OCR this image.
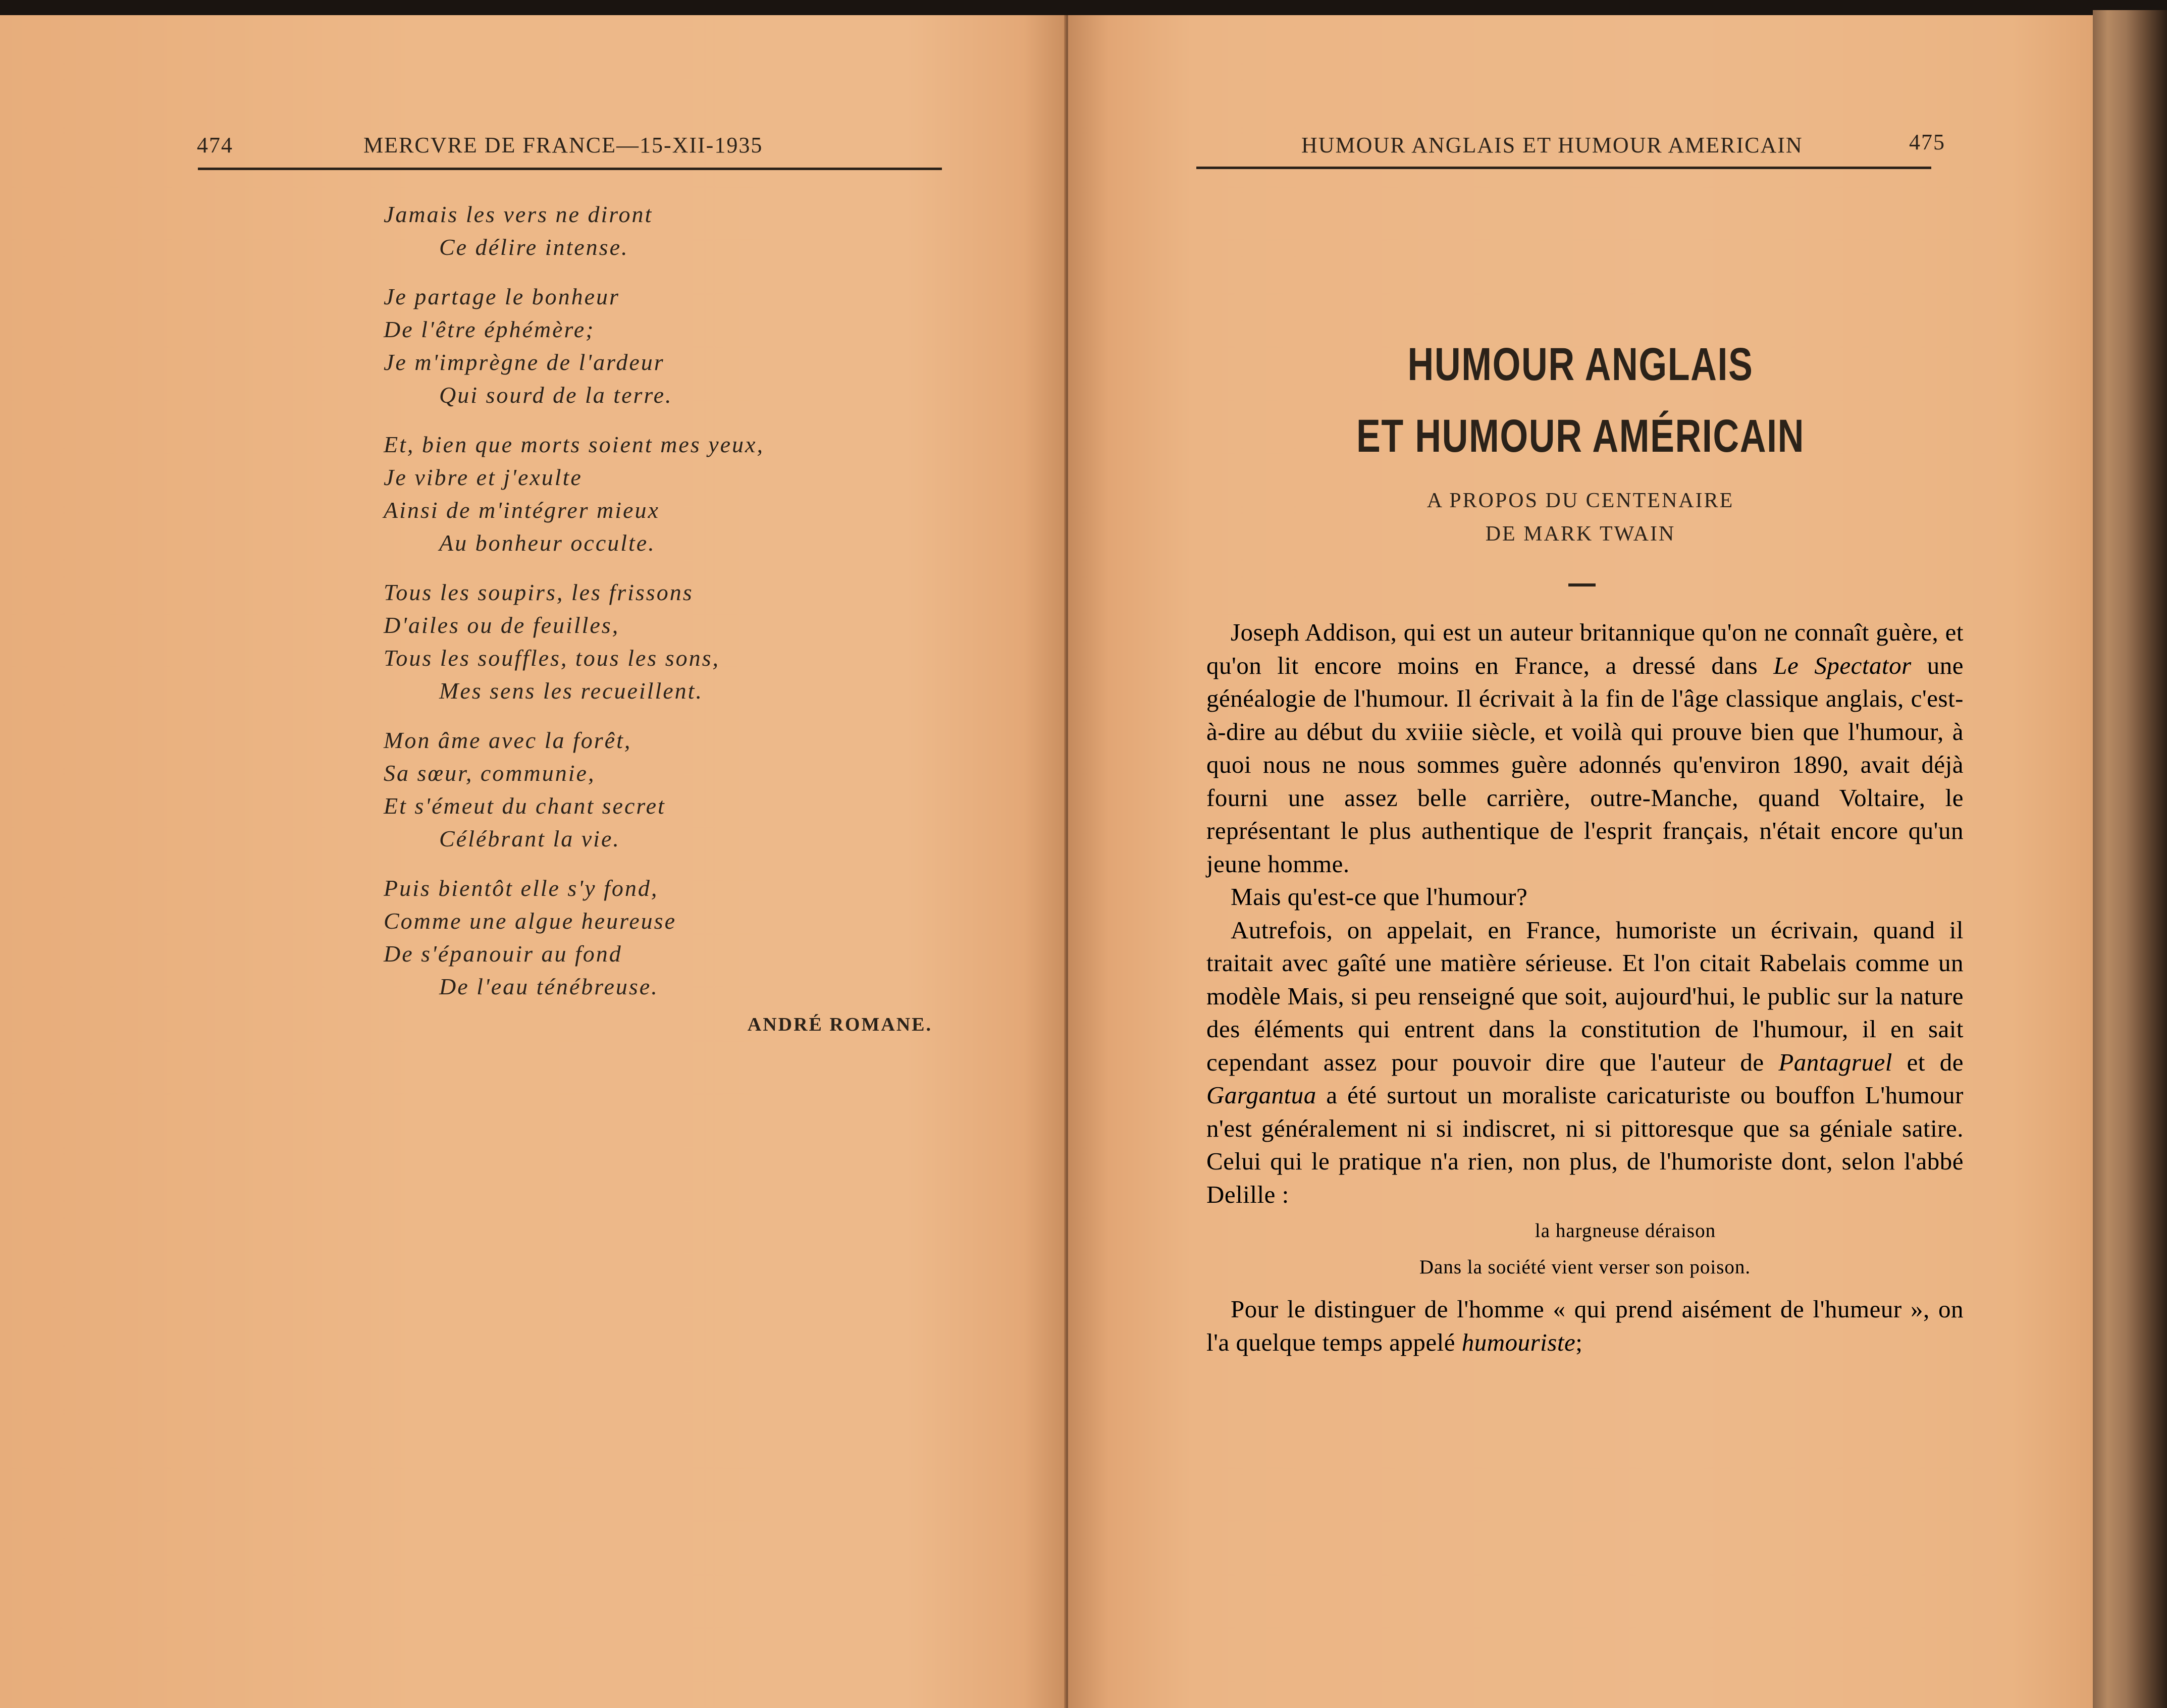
474	MERCVRE DE FRANCE—15-XII-1935
Jamais les vers ne diront
Ce délire intense.
Je partage le bonheur
De l'être éphémère;
Je m'imprègne de l'ardeur
Qui sourd de la terre.
Et, bien que morts soient mes yeux,
Je vibre et j'exulte
Ainsi de m'intégrer mieux
Au bonheur occulte.
Tous les soupirs, les frissons
D'ailes ou de feuilles,
Tous les souffles, tous les sons,
Mes sens les recueillent.
Mon âme avec la forêt,
Sa sœur, communie,
Et s'émeut du chant secret
Célébrant la vie.
Puis bientôt elle s'y fond,
Comme une algue heureuse
De s'épanouir au fond
De l'eau ténébreuse.
ANDRÉ ROMANE.
HUMOUR ANGLAIS ET HUMOUR AMERICAIN	475
HUMOUR ANGLAIS
ET HUMOUR AMÉRICAIN
A PROPOS DU CENTENAIRE
DE MARK TWAIN

Joseph Addison, qui est un auteur britannique qu'on ne connaît guère, et qu'on lit encore moins en France, a dressé dans Le Spectator une généalogie de l'humour. Il écrivait à la fin de l'âge classique anglais, c'est-à-dire au début du xviiie siècle, et voilà qui prouve bien que l'humour, à quoi nous ne nous sommes guère adonnés qu'environ 1890, avait déjà fourni une assez belle carrière, outre-Manche, quand Voltaire, le représentant le plus authentique de l'esprit français, n'était encore qu'un jeune homme.

Mais qu'est-ce que l'humour?

Autrefois, on appelait, en France, humoriste un écrivain, quand il traitait avec gaîté une matière sérieuse. Et l'on citait Rabelais comme un modèle Mais, si peu renseigné que soit, aujourd'hui, le public sur la nature des éléments qui entrent dans la constitution de l'humour, il en sait cependant assez pour pouvoir dire que l'auteur de Pantagruel et de Gargantua a été surtout un moraliste caricaturiste ou bouffon L'humour n'est généralement ni si indiscret, ni si pittoresque que sa géniale satire. Celui qui le pratique n'a rien, non plus, de l'humoriste dont, selon l'abbé Delille :

la hargneuse déraison
Dans la société vient verser son poison.

Pour le distinguer de l'homme « qui prend aisément de l'humeur », on l'a quelque temps appelé humouriste;
